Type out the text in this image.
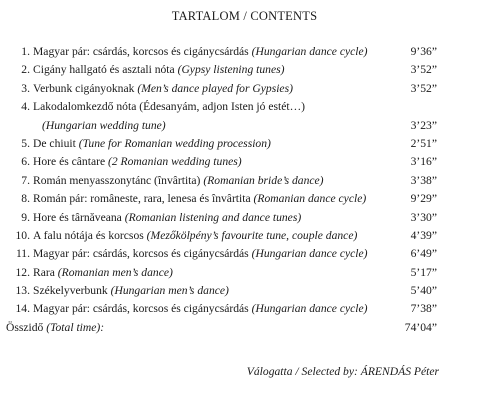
TARTALOM / CONTENTS
1. Magyar pár: csárdás, korcsos és cigánycsárdás (Hungarian dance cycle)	9’36”
2. Cigány hallgató és asztali nóta (Gypsy listening tunes)	3’52”
3. Verbunk cigányoknak (Men’s dance played for Gypsies)	3’52”
4. Lakodalomkezdő nóta (Édesanyám, adjon Isten jó estét…)
(Hungarian wedding tune)	3’23”
5. De chiuit (Tune for Romanian wedding procession)	2’51”
6. Hore és cântare (2 Romanian wedding tunes)	3’16”
7. Román menyasszonytánc (învârtita) (Romanian bride’s dance)	3’38”
8. Román pár: româneste, rara, lenesa és învârtita (Romanian dance cycle)	9’29”
9. Hore és târnăveana (Romanian listening and dance tunes)	3’30”
10. A falu nótája és korcsos (Mezőkölpény’s favourite tune, couple dance)	4’39”
11. Magyar pár: csárdás, korcsos és cigánycsárdás (Hungarian dance cycle)	6’49”
12. Rara (Romanian men’s dance)	5’17”
13. Székelyverbunk (Hungarian men’s dance)	5’40”
14. Magyar pár: csárdás, korcsos és cigánycsárdás (Hungarian dance cycle)	7’38”
Összidő (Total time):	74’04”
Válogatta / Selected by: ÁRENDÁS Péter
